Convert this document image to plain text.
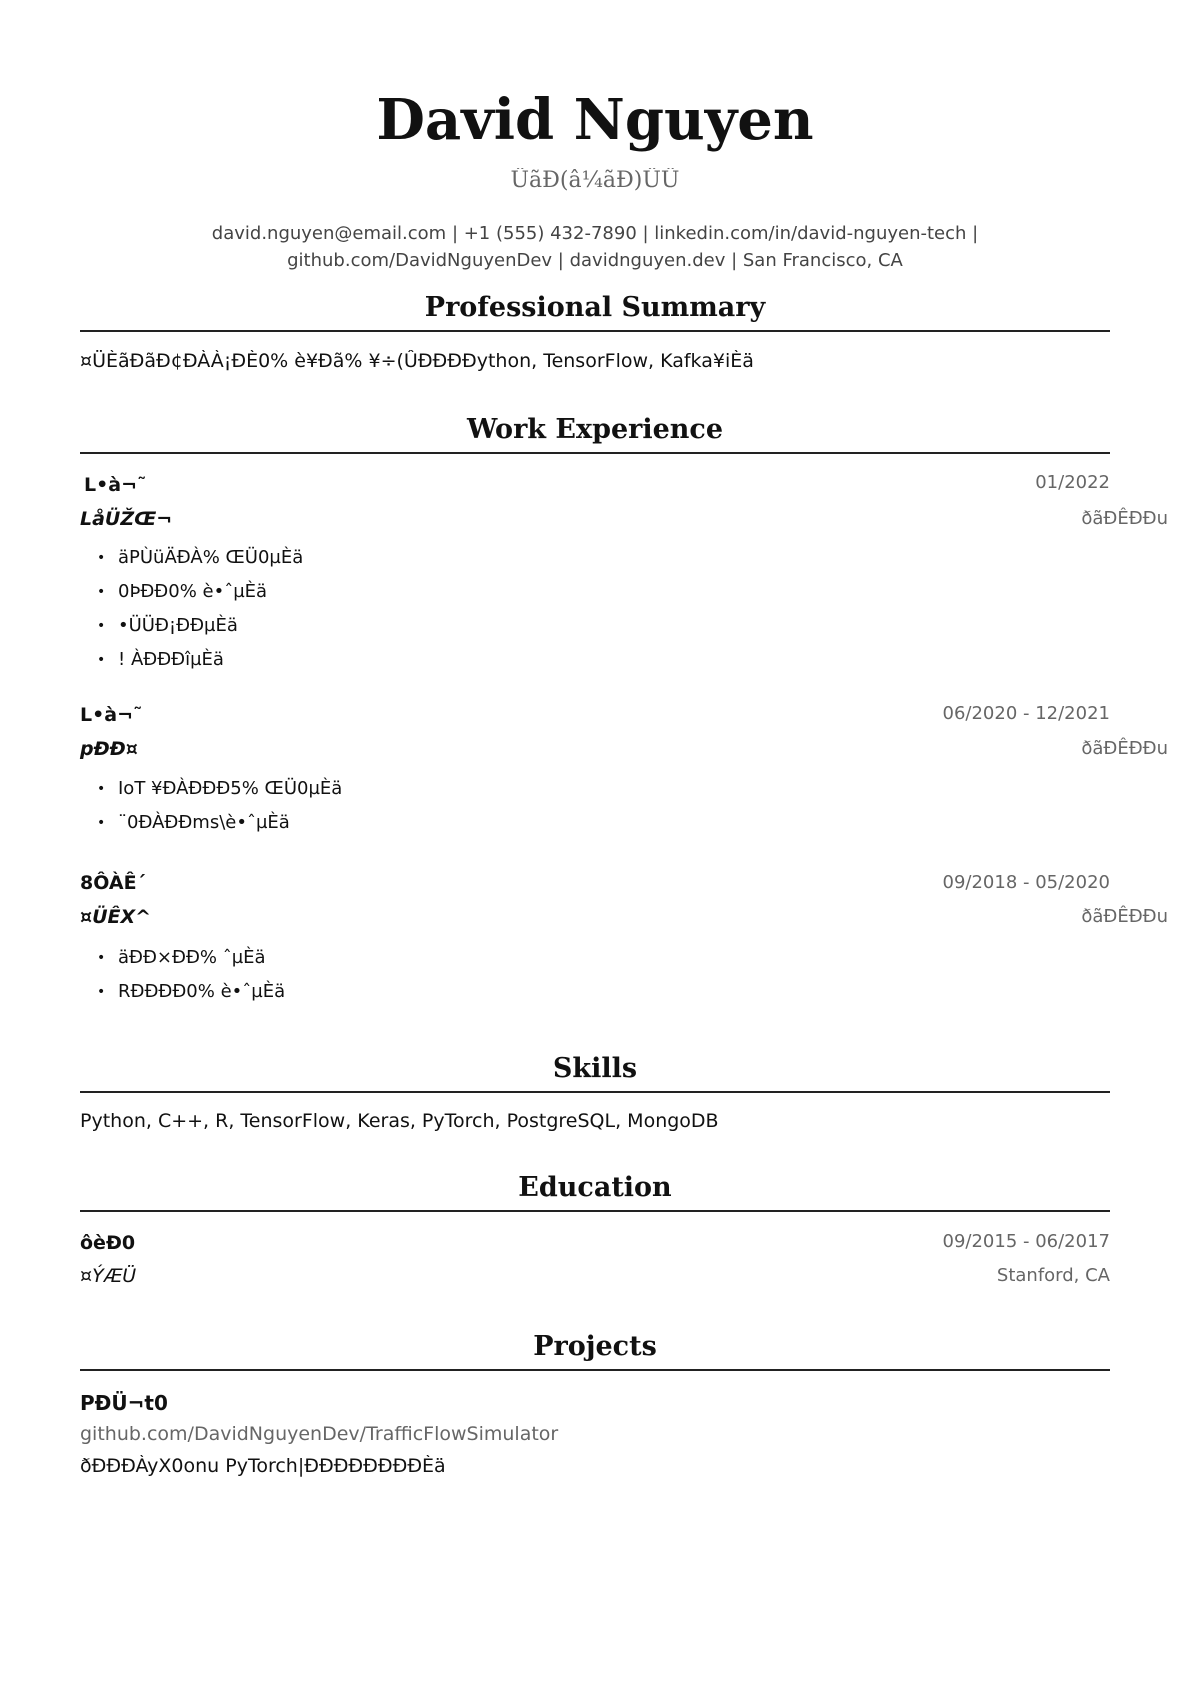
David Nguyen
ÜãÐ(â¼ãÐ)ÜÜ
david.nguyen@email.com | +1 (555) 432-7890 | linkedin.com/in/david-nguyen-tech |
github.com/DavidNguyenDev | davidnguyen.dev | San Francisco, CA
Professional Summary
¤ÜÈãÐãÐ¢ÐÀÀ¡ÐÈ0% è¥Ðã% ¥÷(ÛÐÐÐÐython, TensorFlow, Kafka¥iÈä
Work Experience
L•à¬˜	01/2022
LåÜŽŒ¬	ðãÐÊÐÐu
• äPÙüÄÐÀ% ŒÜ0µÈä
• 0ÞÐÐ0% è•ˆµÈä
• •ÜÜÐ¡ÐÐµÈä
• ! ÀÐÐÐîµÈä
L•à¬˜	06/2020 - 12/2021
pÐÐ¤	ðãÐÊÐÐu
• IoT ¥ÐÀÐÐÐ5% ŒÜ0µÈä
• ¨0ÐÀÐÐms\è•ˆµÈä
8ÔÀÊ´	09/2018 - 05/2020
¤ÜÊX^	ðãÐÊÐÐu
• äÐÐ×ÐÐ% ˆµÈä
• RÐÐÐÐ0% è•ˆµÈä
Skills
Python, C++, R, TensorFlow, Keras, PyTorch, PostgreSQL, MongoDB
Education
ôèÐ0	09/2015 - 06/2017
¤ÝÆÜ	Stanford, CA
Projects
PÐÜ¬t0
github.com/DavidNguyenDev/TrafficFlowSimulator
ðÐÐÐÀyX0onu PyTorch|ÐÐÐÐÐÐÐÐÈä
